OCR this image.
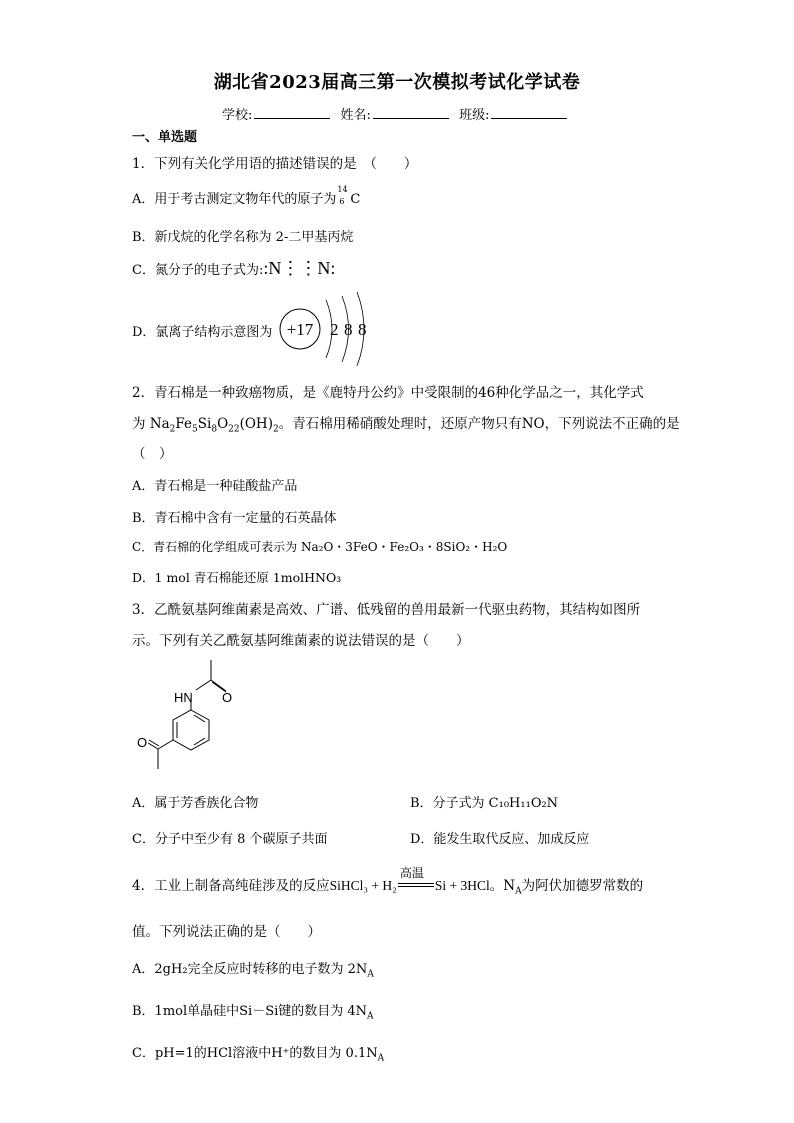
湖北省2023届高三第一次模拟考试化学试卷
学校:	姓名:	班级:
一、单选题
1．下列有关化学用语的描述错误的是　（　　）
A．用于考古测定文物年代的原子为
14
6 C
B．新戊烷的化学名称为 2-二甲基丙烷
C．氮分子的电子式为::N⋮⋮N:
D．氯离子结构示意图为 +17 2 8 8
2．青石棉是一种致癌物质，是《鹿特丹公约》中受限制的46种化学品之一，其化学式
为 $Na_2Fe_5Si_8O_{22}(OH)_2$。青石棉用稀硝酸处理时，还原产物只有NO，下列说法不正确的是
（　）
A．青石棉是一种硅酸盐产品
B．青石棉中含有一定量的石英晶体
C．青石棉的化学组成可表示为 Na₂O・3FeO・Fe₂O₃・8SiO₂・H₂O
D．1 mol 青石棉能还原 1molHNO₃
3．乙酰氨基阿维菌素是高效、广谱、低残留的兽用最新一代驱虫药物，其结构如图所
示。下列有关乙酰氨基阿维菌素的说法错误的是（　　）
HN O
O
A．属于芳香族化合物	B．分子式为 C₁₀H₁₁O₂N
C．分子中至少有 8 个碳原子共面	D．能发生取代反应、加成反应
4．工业上制备高纯硅涉及的反应SiHCl₃ + H₂
高温
Si + 3HCl。$N_A$为阿伏加德罗常数的
值。下列说法正确的是（　　）
A．2gH₂完全反应时转移的电子数为 $2N_A$
B．1mol单晶硅中Si－Si键的数目为 $4N_A$
C．pH=1的HCl溶液中H⁺的数目为 $0.1N_A$
